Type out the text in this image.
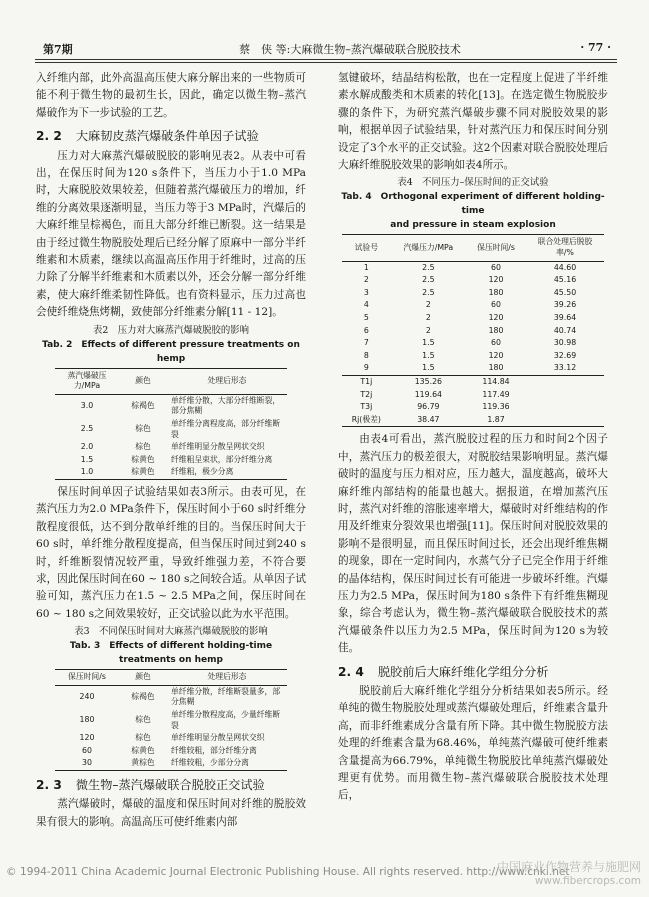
第7期	蔡　侠 等:大麻微生物–蒸汽爆破联合脱胶技术	· 77 ·

入纤维内部，此外高温高压使大麻分解出来的一些物质可能不利于微生物的最初生长，因此，确定以微生物–蒸汽爆破作为下一步试验的工艺。

2. 2 大麻韧皮蒸汽爆破条件单因子试验

压力对大麻蒸汽爆破脱胶的影响见表2。从表中可看出，在保压时间为120 s条件下，当压力小于1.0 MPa时，大麻脱胶效果较差，但随着蒸汽爆破压力的增加，纤维的分离效果逐渐明显，当压力等于3 MPa时，汽爆后的大麻纤维呈棕褐色，而且大部分纤维已断裂。这一结果是由于经过微生物脱胶处理后已经分解了原麻中一部分半纤维素和木质素，继续以高温高压作用于纤维时，过高的压力除了分解半纤维素和木质素以外，还会分解一部分纤维素，使大麻纤维柔韧性降低。也有资料显示，压力过高也会使纤维烧焦烤糊，致使部分纤维素分解[11 - 12]。

表2　压力对大麻蒸汽爆破脱胶的影响
Tab. 2　Effects of different pressure treatments on hemp
蒸汽爆破压力/MPa	颜色	处理后形态
3.0	棕褐色	单纤维分散，大部分纤维断裂，部分焦糊
2.5	棕色	单纤维分离程度高，部分纤维断裂
2.0	棕色	单纤维明显分散呈网状交织
1.5	棕黄色	纤维粗呈束状，部分纤维分离
1.0	棕黄色	纤维粗，极少分离

保压时间单因子试验结果如表3所示。由表可见，在蒸汽压力为2.0 MPa条件下，保压时间小于60 s时纤维分散程度很低，达不到分散单纤维的目的。当保压时间大于60 s时，单纤维分散程度提高，但当保压时间过到240 s时，纤维断裂情况较严重，导致纤维强力差，不符合要求，因此保压时间在60 ~ 180 s之间较合适。从单因子试验可知，蒸汽压力在1.5 ~ 2.5 MPa之间，保压时间在60 ~ 180 s之间效果较好，正交试验以此为水平范围。

表3　不同保压时间对大麻蒸汽爆破脱胶的影响
Tab. 3　Effects of different holding-time
treatments on hemp
保压时间/s	颜色	处理后形态
240	棕褐色	单纤维分散，纤维断裂量多，部分焦糊
180	棕色	单纤维分散程度高，少量纤维断裂
120	棕色	单纤维明显分散呈网状交织
60	棕黄色	纤维较粗，部分纤维分离
30	黄棕色	纤维较粗，少部分分离
2. 3 微生物–蒸汽爆破联合脱胶正交试验

蒸汽爆破时，爆破的温度和保压时间对纤维的脱胶效果有很大的影响。高温高压可使纤维素内部

氢键破坏，结晶结构松散，也在一定程度上促进了半纤维素水解成酸类和木质素的转化[13]。在选定微生物脱胶步骤的条件下，为研究蒸汽爆破步骤不同对脱胶效果的影响，根据单因子试验结果，针对蒸汽压力和保压时间分别设定了3个水平的正交试验。这2个因素对联合脱胶处理后大麻纤维脱胶效果的影响如表4所示。

表4　不同压力–保压时间的正交试验
Tab. 4　Orthogonal experiment of different holding-time
and pressure in steam explosion
试验号	汽爆压力/MPa	保压时间/s	联合处理后脱胶率/%
1	2.5	60	44.60
2	2.5	120	45.16
3	2.5	180	45.50
4	2	60	39.26
5	2	120	39.64
6	2	180	40.74
7	1.5	60	30.98
8	1.5	120	32.69
9	1.5	180	33.12
T1j	135.26	114.84	
T2j	119.64	117.49	
T3j	96.79	119.36	
Rj(极差)	38.47	1.87	

由表4可看出，蒸汽脱胶过程的压力和时间2个因子中，蒸汽压力的极差很大，对脱胶结果影响明显。蒸汽爆破时的温度与压力相对应，压力越大，温度越高，破坏大麻纤维内部结构的能量也越大。据报道，在增加蒸汽压时，蒸汽对纤维的溶胀速率增大，爆破时对纤维结构的作用及纤维束分裂效果也增强[11]。保压时间对脱胶效果的影响不是很明显，而且保压时间过长，还会出现纤维焦糊的现象，即在一定时间内，水蒸气分子已完全作用于纤维的晶体结构，保压时间过长有可能进一步破坏纤维。汽爆压力为2.5 MPa，保压时间为180 s条件下有纤维焦糊现象，综合考虑认为，微生物–蒸汽爆破联合脱胶技术的蒸汽爆破条件以压力为2.5 MPa，保压时间为120 s为较佳。

2. 4 脱胶前后大麻纤维化学组分分析

脱胶前后大麻纤维化学组分分析结果如表5所示。经单纯的微生物脱胶处理或蒸汽爆破处理后，纤维素含量升高，而非纤维素成分含量有所下降。其中微生物脱胶方法处理的纤维素含量为68.46%，单纯蒸汽爆破可使纤维素含量提高为66.79%，单纯微生物脱胶比单纯蒸汽爆破处理更有优势。而用微生物–蒸汽爆破联合脱胶技术处理后，

© 1994-2011 China Academic Journal Electronic Publishing House. All rights reserved. http://www.cnki.net
中国麻业作物营养与施肥网
www.fibercrops.com
